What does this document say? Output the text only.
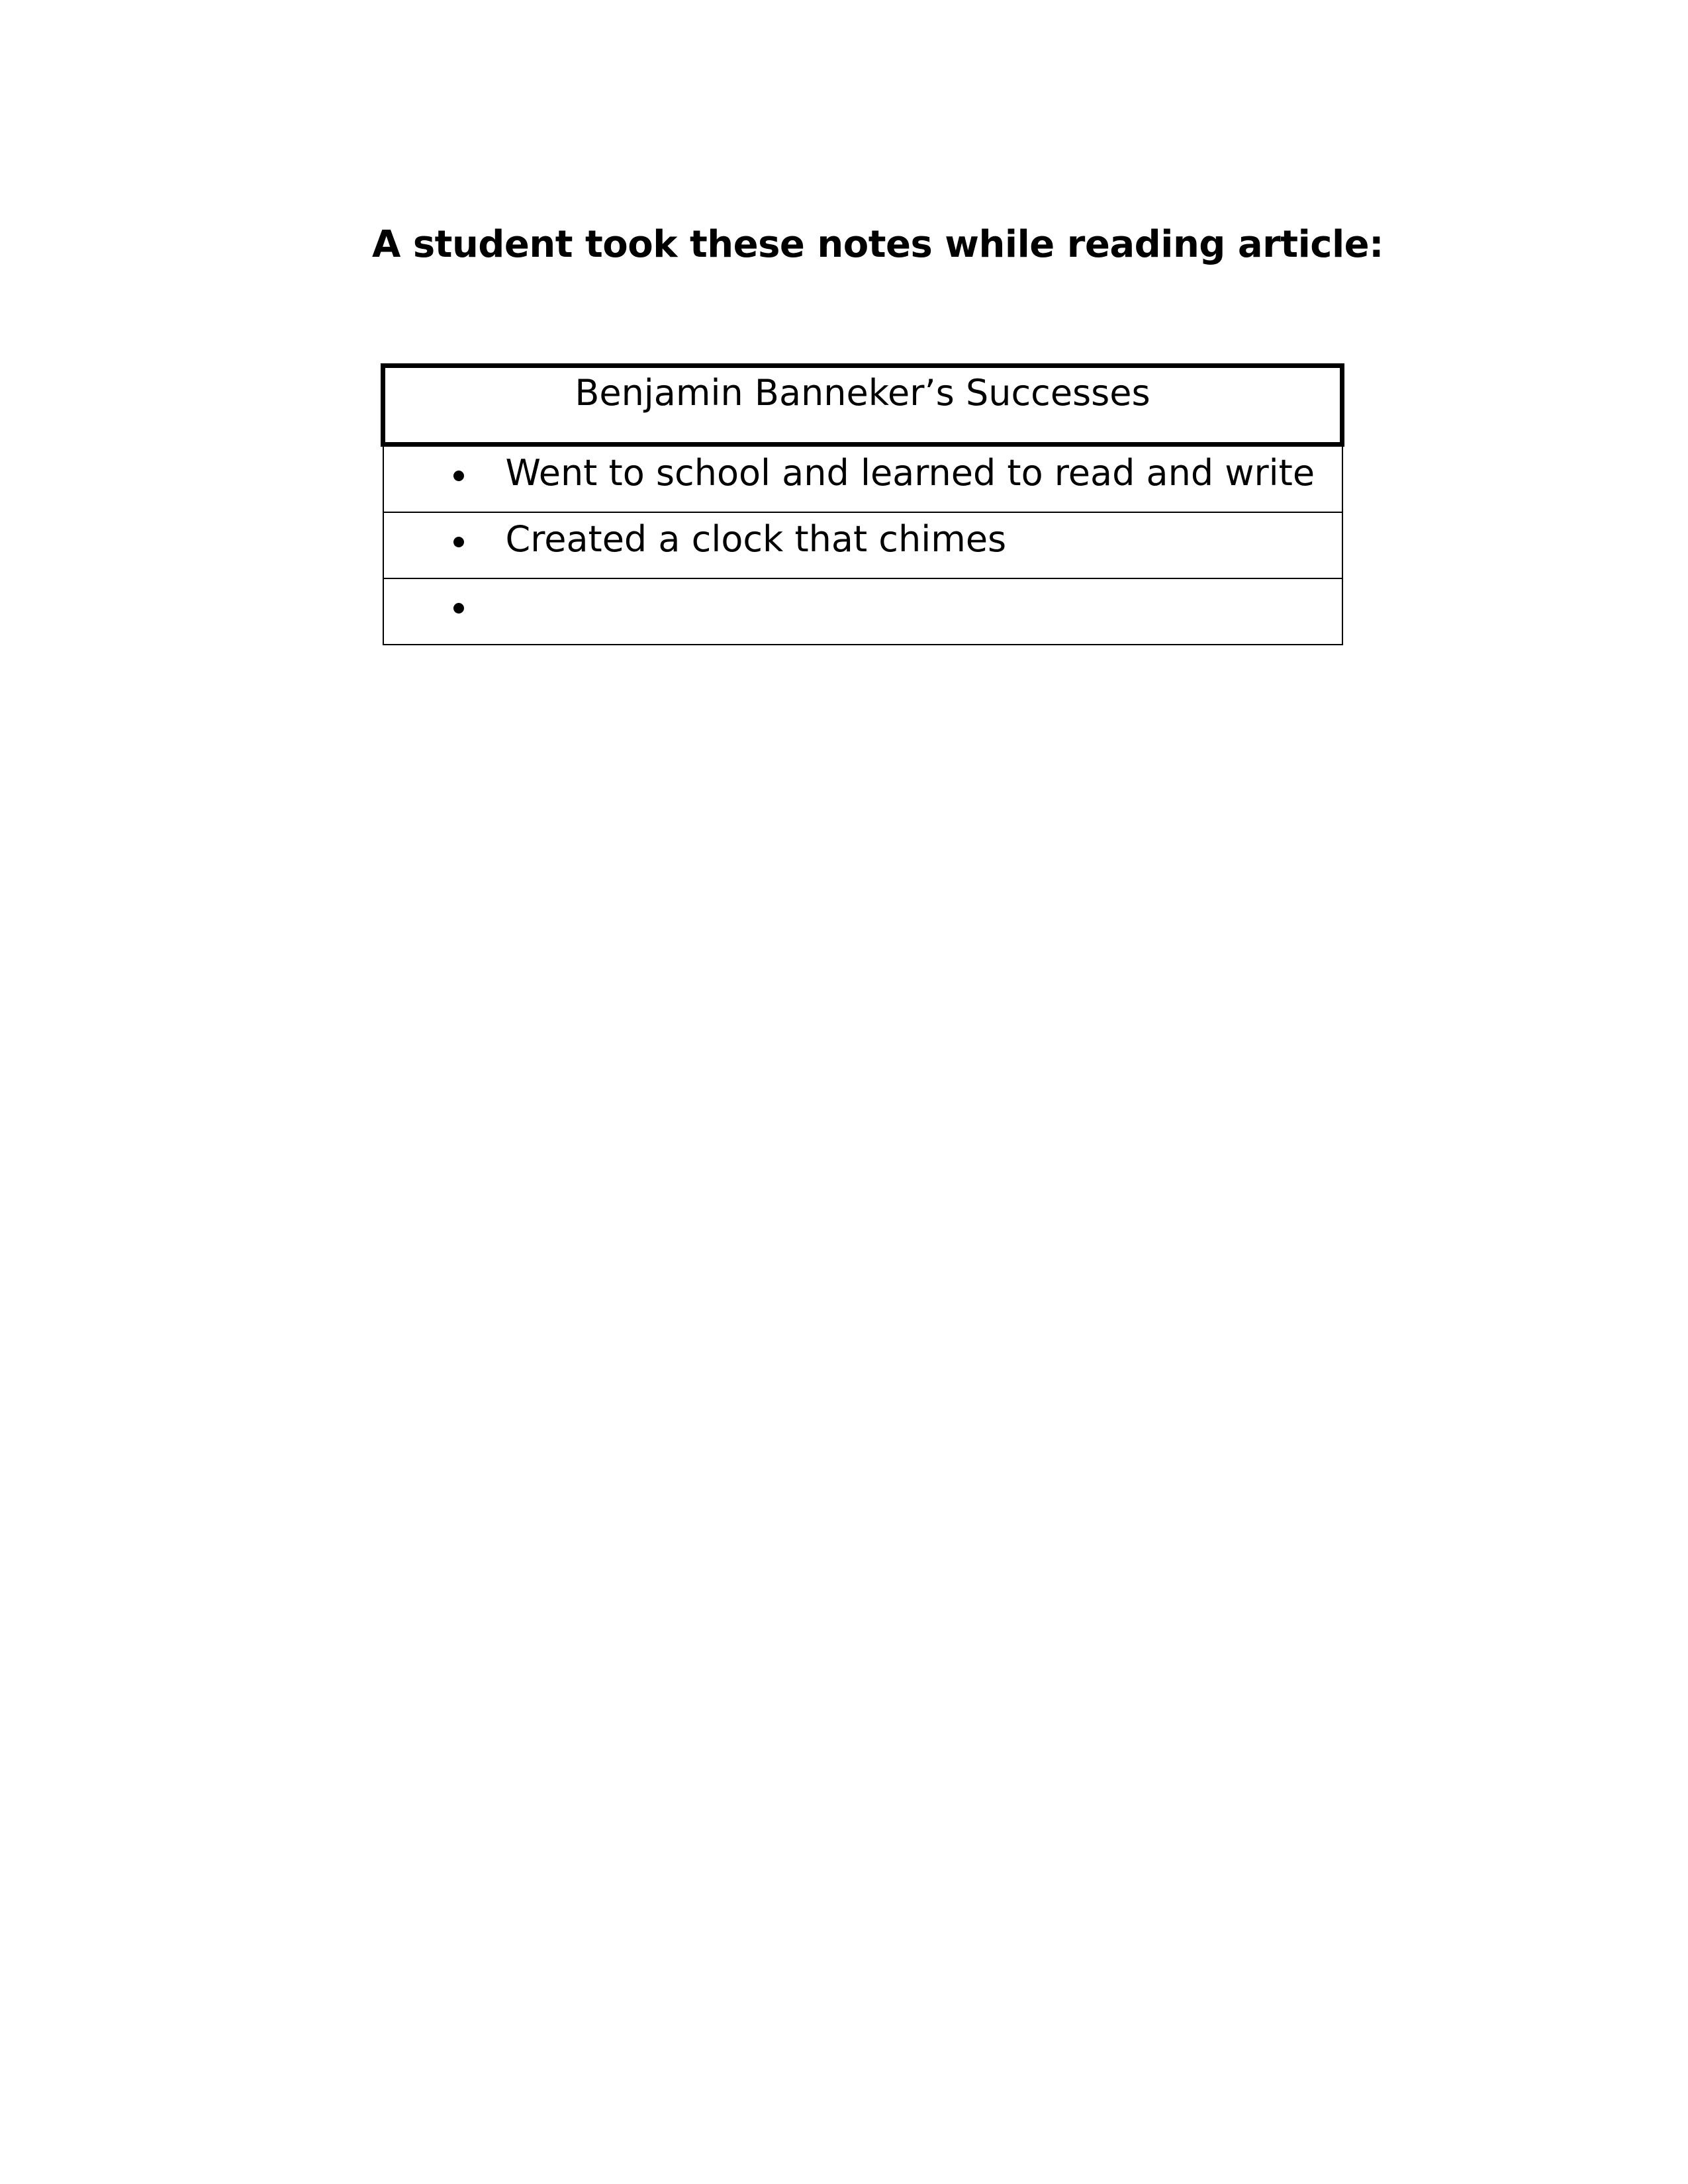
A student took these notes while reading article:
Benjamin Banneker’s Successes

Went to school and learned to read and write

Created a clock that chimes
